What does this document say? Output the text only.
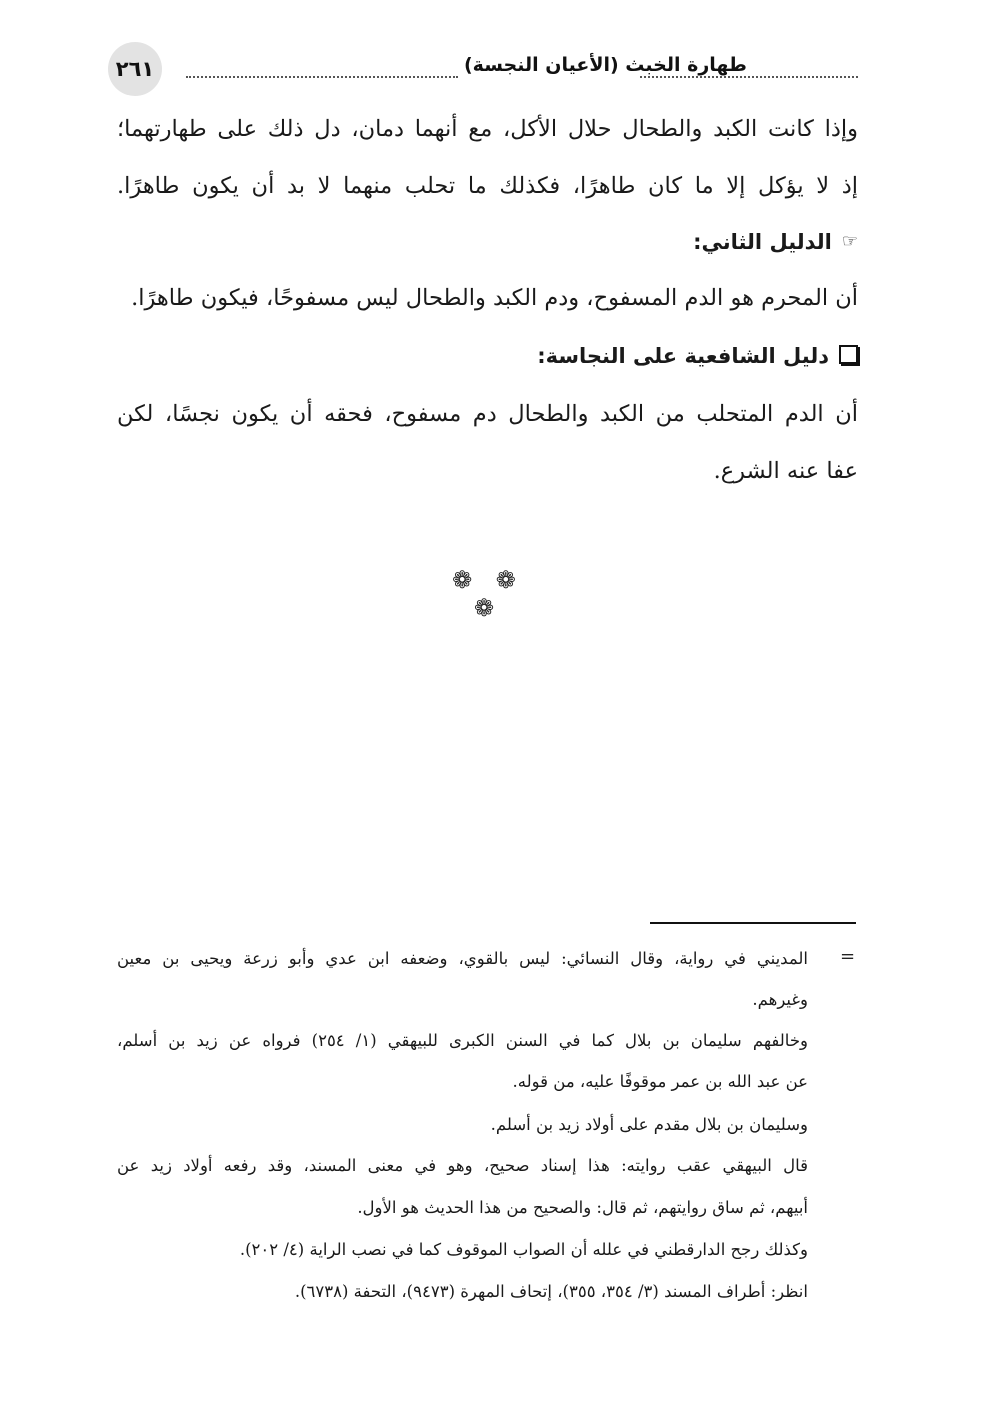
٢٦١	طهارة الخبث (الأعيان النجسة)
وإذا كانت الكبد والطحال حلال الأكل، مع أنهما دمان، دل ذلك على طهارتهما؛
إذ لا يؤكل إلا ما كان طاهرًا، فكذلك ما تحلب منهما لا بد أن يكون طاهرًا.
☞الدليل الثاني:
أن المحرم هو الدم المسفوح، ودم الكبد والطحال ليس مسفوحًا، فيكون طاهرًا.
دليل الشافعية على النجاسة:
أن الدم المتحلب من الكبد والطحال دم مسفوح، فحقه أن يكون نجسًا، لكن
عفا عنه الشرع.
❁ ❁ ❁
=
المديني في رواية، وقال النسائي: ليس بالقوي، وضعفه ابن عدي وأبو زرعة ويحيى بن معين
وغيرهم.
وخالفهم سليمان بن بلال كما في السنن الكبرى للبيهقي (١/ ٢٥٤) فرواه عن زيد بن أسلم،
عن عبد الله بن عمر موقوفًا عليه، من قوله.
وسليمان بن بلال مقدم على أولاد زيد بن أسلم.
قال البيهقي عقب روايته: هذا إسناد صحيح، وهو في معنى المسند، وقد رفعه أولاد زيد عن
أبيهم، ثم ساق روايتهم، ثم قال: والصحيح من هذا الحديث هو الأول.
وكذلك رجح الدارقطني في علله أن الصواب الموقوف كما في نصب الراية (٤/ ٢٠٢).
انظر: أطراف المسند (٣/ ٣٥٤، ٣٥٥)، إتحاف المهرة (٩٤٧٣)، التحفة (٦٧٣٨).
